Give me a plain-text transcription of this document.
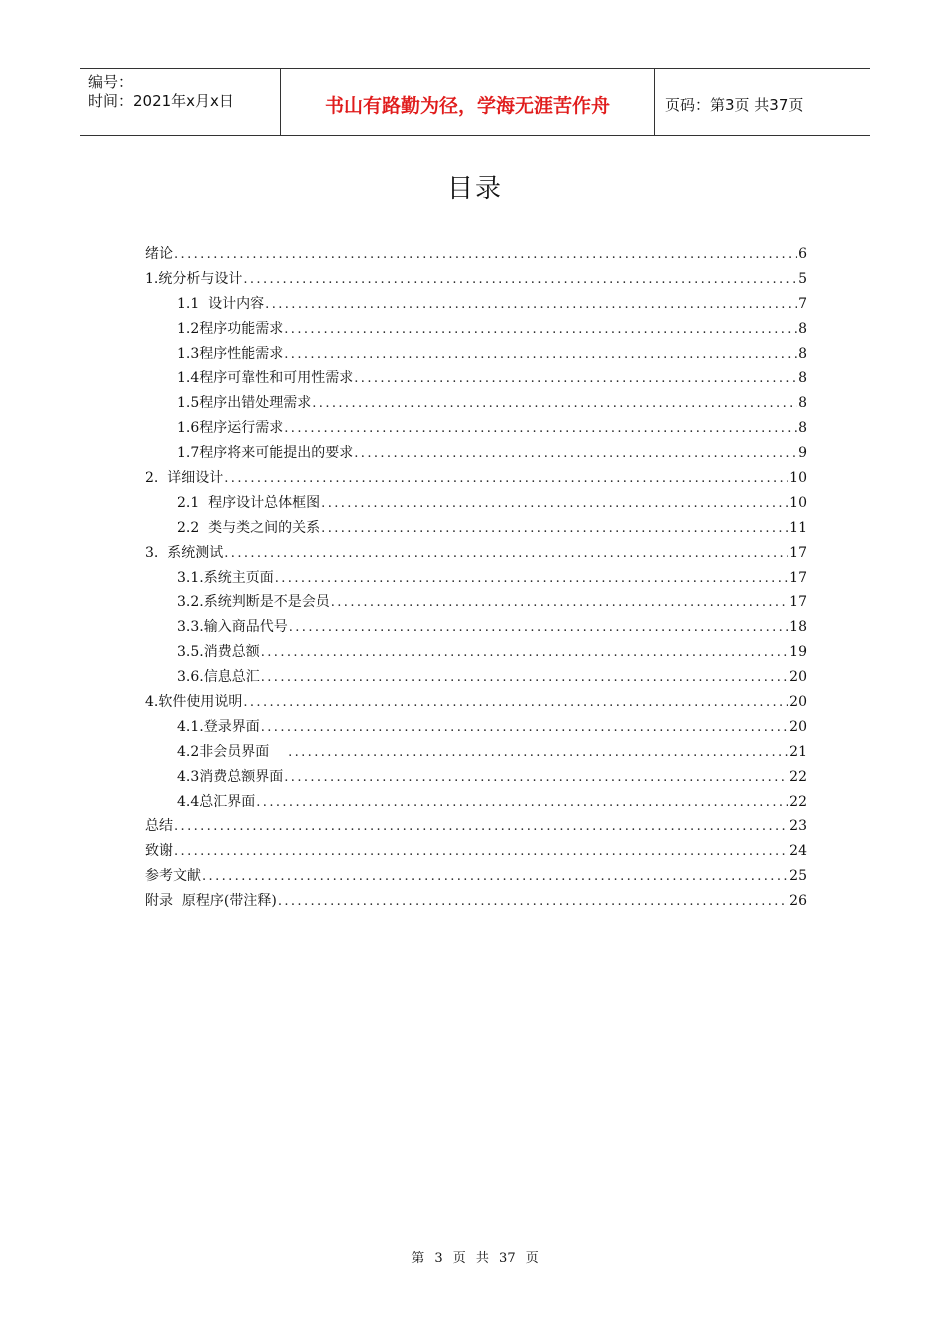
编号：
时间：2021年x月x日	书山有路勤为径，学海无涯苦作舟	页码：第3页 共37页
目录
绪论 .....	6
1.统分析与设计 .....	5
1.1  设计内容 .....	7
1.2程序功能需求 .....	8
1.3程序性能需求 .....	8
1.4程序可靠性和可用性需求 .....	8
1.5程序出错处理需求 .....	8
1.6程序运行需求 .....	8
1.7程序将来可能提出的要求 .....	9
2.  详细设计 .....	10
2.1  程序设计总体框图 .....	10
2.2  类与类之间的关系 .....	11
3.  系统测试 .....	17
3.1.系统主页面 .....	17
3.2.系统判断是不是会员 .....	17
3.3.输入商品代号 .....	18
3.5.消费总额 .....	19
3.6.信息总汇 .....	20
4.软件使用说明 .....	20
4.1.登录界面 .....	20
4.2非会员界面 .....	21
4.3消费总额界面 .....	22
4.4总汇界面 .....	22
总结 .....	23
致谢 .....	24
参考文献 .....	25
附录  原程序(带注释) .....	26
第 3 页 共 37 页
